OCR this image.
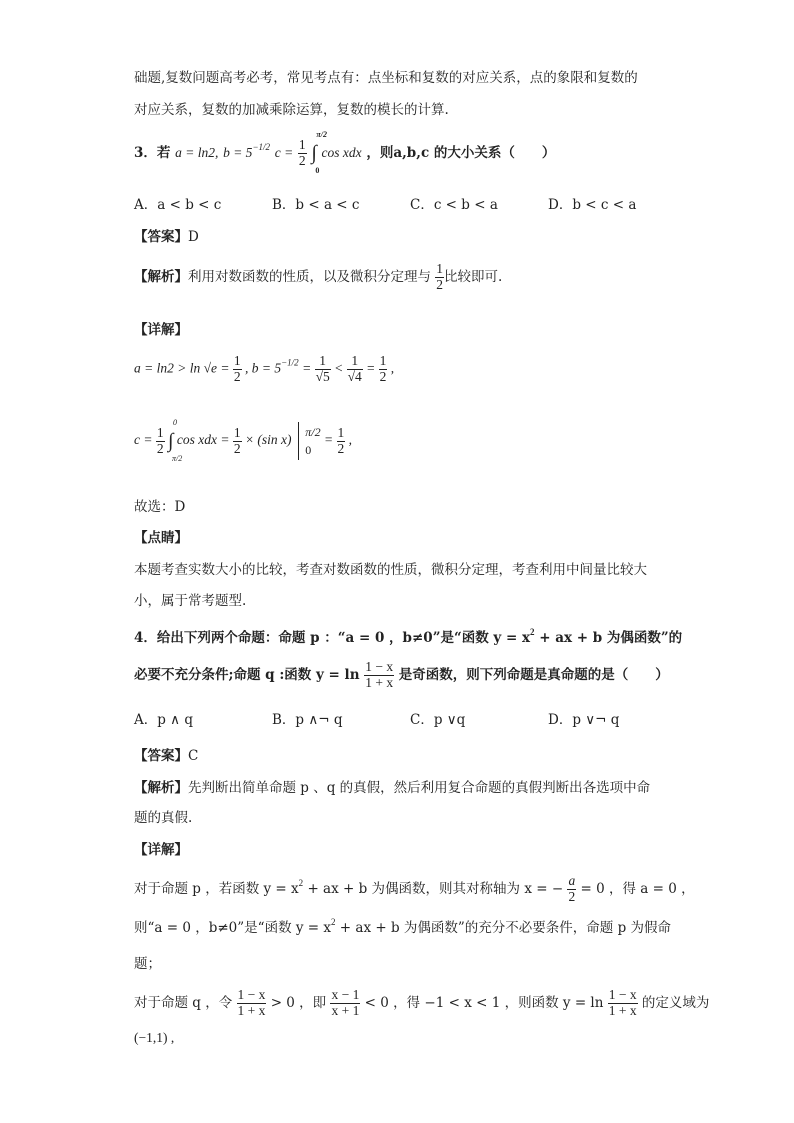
础题,复数问题高考必考，常见考点有：点坐标和复数的对应关系，点的象限和复数的
对应关系，复数的加减乘除运算，复数的模长的计算.
3．若 a = ln2, $b = 5^{-1/2}$ $c = \frac{1}{2}$ ∫
π/2
0
cos xdx ，则a,b,c 的大小关系（　　）
A．a < b < c	B．b < a < c	C．c < b < a	D．b < c < a
【答案】D
【解析】利用对数函数的性质，以及微积分定理与 $\frac{1}{2}$ 比较即可.
【详解】
$a = \ln 2 > \ln √e = \frac{1}{2}$ , $b = 5^{-1/2} = \frac{1}{√5} < \frac{1}{√4} = \frac{1}{2}$ ,
$c = \frac{1}{2}$ ∫
0
π/2
cos xdx = $\frac{1}{2} \times (\sin$ x)
π/2
0
= $\frac{1}{2}$ ,
故选：D
【点睛】
本题考查实数大小的比较，考查对数函数的性质，微积分定理，考查利用中间量比较大
小，属于常考题型.
4．给出下列两个命题：命题 p ：“a = 0 ，b≠0”是“函数 $y = x^2$ + ax + b 为偶函数”的
必要不充分条件;命题 q :函数 $y = \ln \frac{1 - x}{1 + x}$ 是奇函数，则下列命题是真命题的是（　　）
A．p ∧ q	B．p ∧¬ q	C．p ∨q	D．p ∨¬ q
【答案】C
【解析】先判断出简单命题 p 、q 的真假，然后利用复合命题的真假判断出各选项中命
题的真假.
【详解】
对于命题 p ，若函数 $y = x^2$ + ax + b 为偶函数，则其对称轴为 x = − $\frac{a}{2} = 0$ ，得 a = 0 ，
则“a = 0 ，b≠0”是“函数 $y = x^2$ + ax + b 为偶函数”的充分不必要条件，命题 p 为假命
题；
对于命题 q ，令 $\frac{1 - x}{1 + x} > 0$ ，即 $\frac{x - 1}{x + 1} < 0$ ，得 −1 < x < 1 ，则函数 $y = \ln \frac{1 - x}{1 + x}$ 的定义域为
(−1,1) ,
